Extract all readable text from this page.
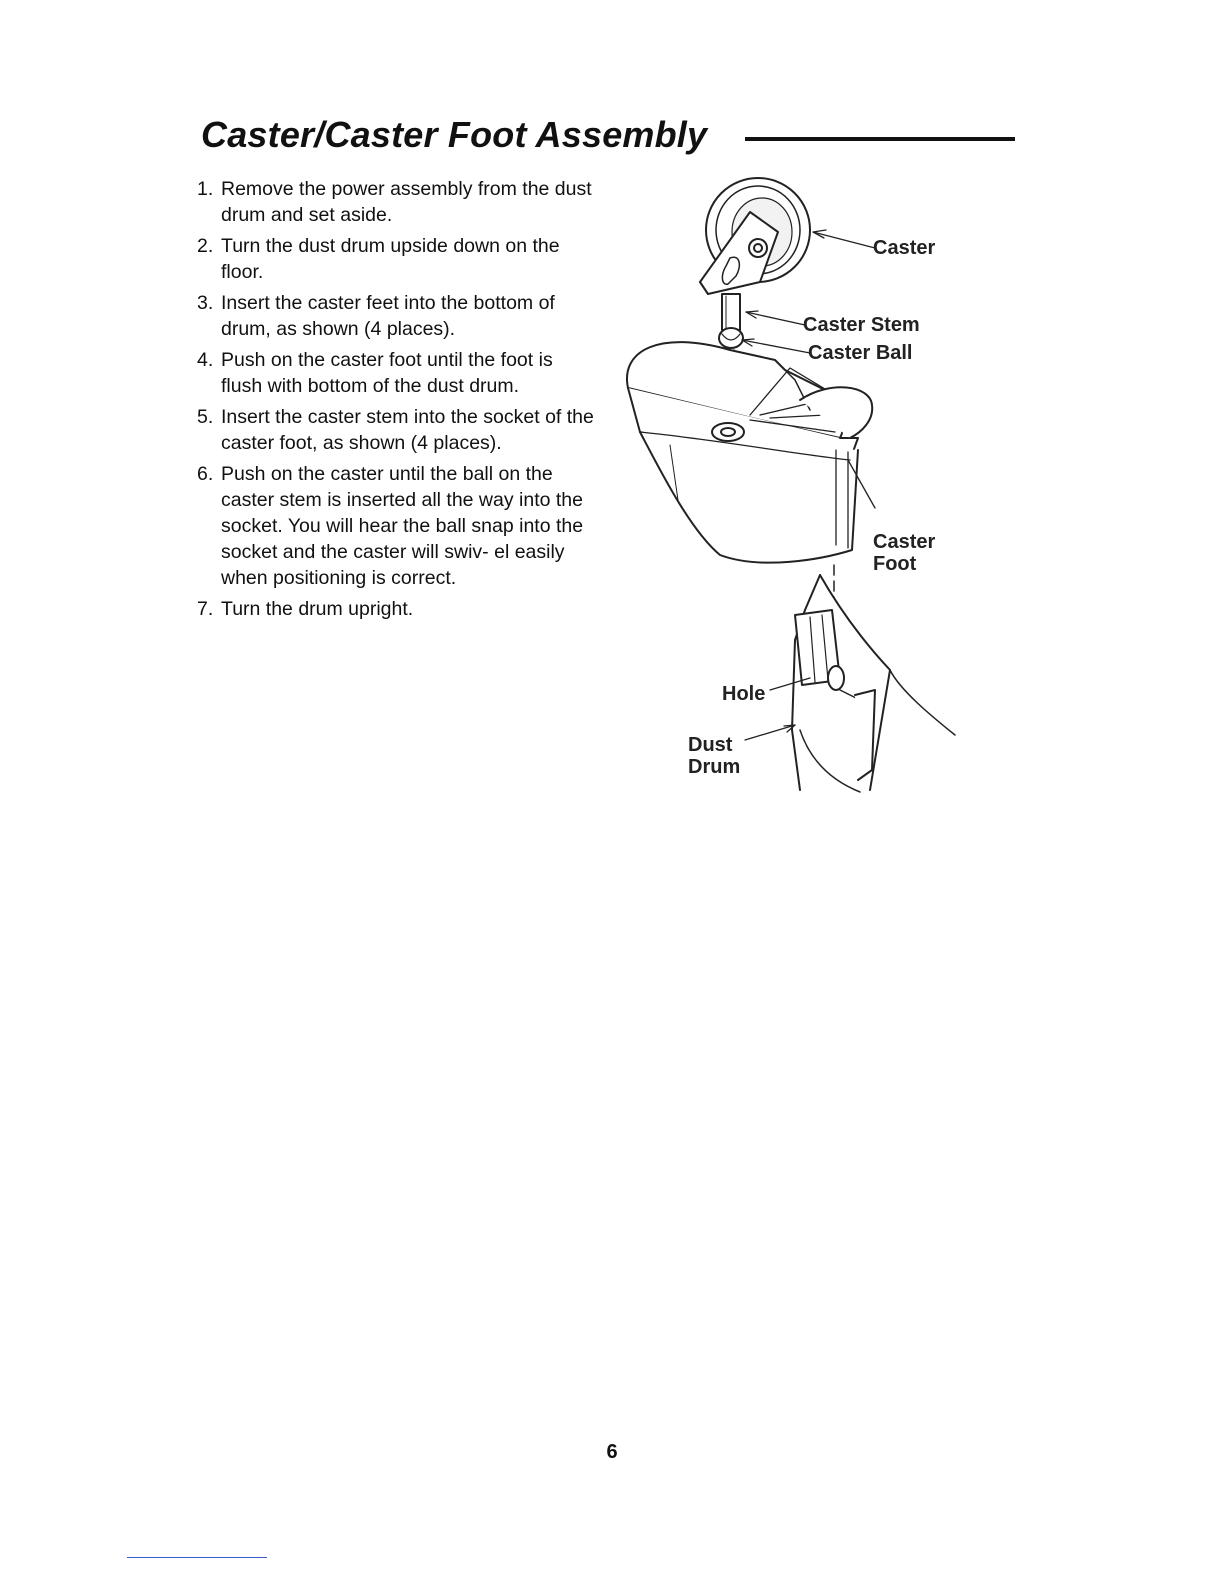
Caster/Caster Foot Assembly
1. Remove the power assembly from the dust drum and set aside.
2. Turn the dust drum upside down on the floor.
3. Insert the caster feet into the bottom of drum, as shown (4 places).
4. Push on the caster foot until the foot is flush with bottom of the dust drum.
5. Insert the caster stem into the socket of the caster foot, as shown (4 places).
6. Push on the caster until the ball on the caster stem is inserted all the way into the socket. You will hear the ball snap into the socket and the caster will swiv- el easily when positioning is correct.
7. Turn the drum upright.
Caster
Caster Stem
Caster Ball
Caster
Foot
Hole
Dust
Drum
6
